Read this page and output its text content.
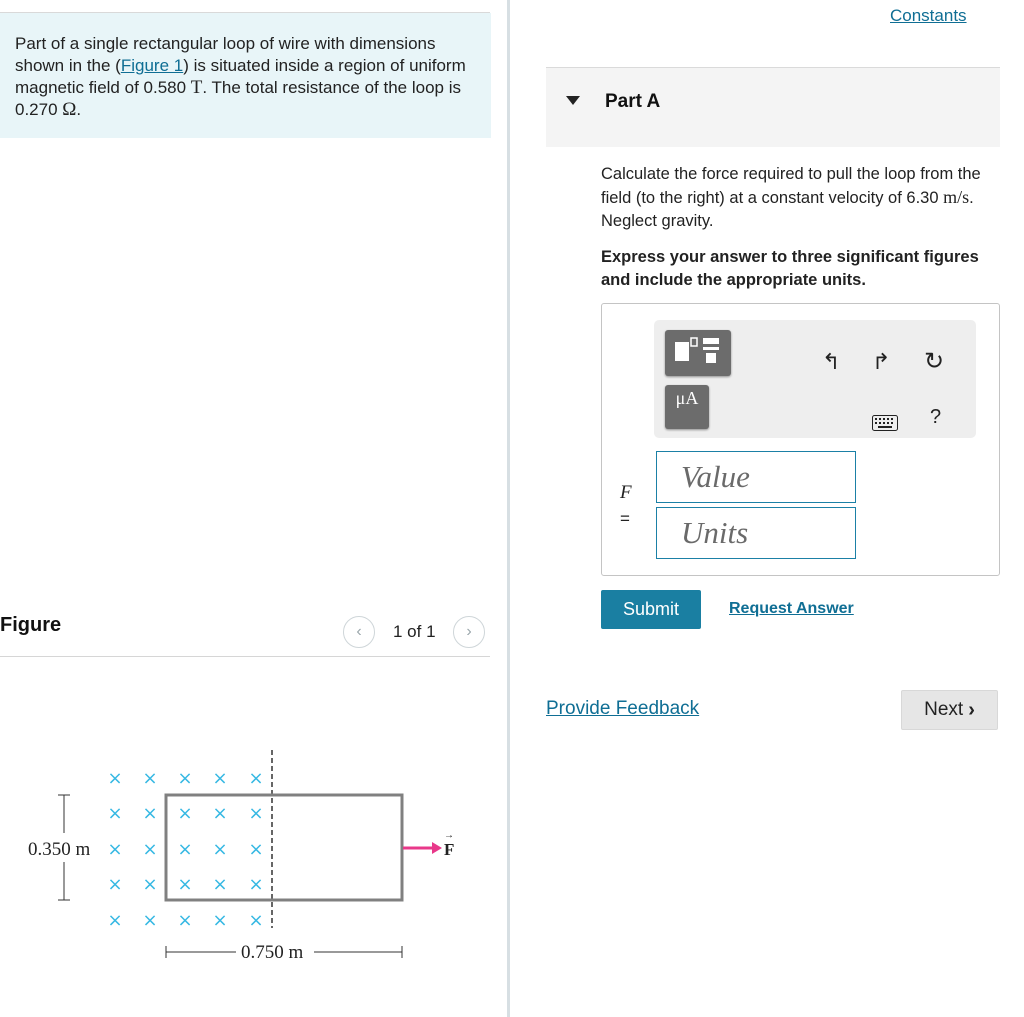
Part of a single rectangular loop of wire with dimensions shown in the (Figure 1) is situated inside a region of uniform magnetic field of 0.580 T. The total resistance of the loop is 0.270 Ω.

Figure	‹ 1 of 1 ›
× × × × ×
× × × × ×
× × × × ×
× × × × ×
× × × × ×
0.350 m
0.750 m
F
→
Constants
Part A

Calculate the force required to pull the loop from the field (to the right) at a constant velocity of 6.30 m/s. Neglect gravity.

Express your answer to three significant figures and include the appropriate units.

μA
↰ ↱ ↻
?
F
=
Value
Units
Submit	Request Answer
Provide Feedback	Next ›
